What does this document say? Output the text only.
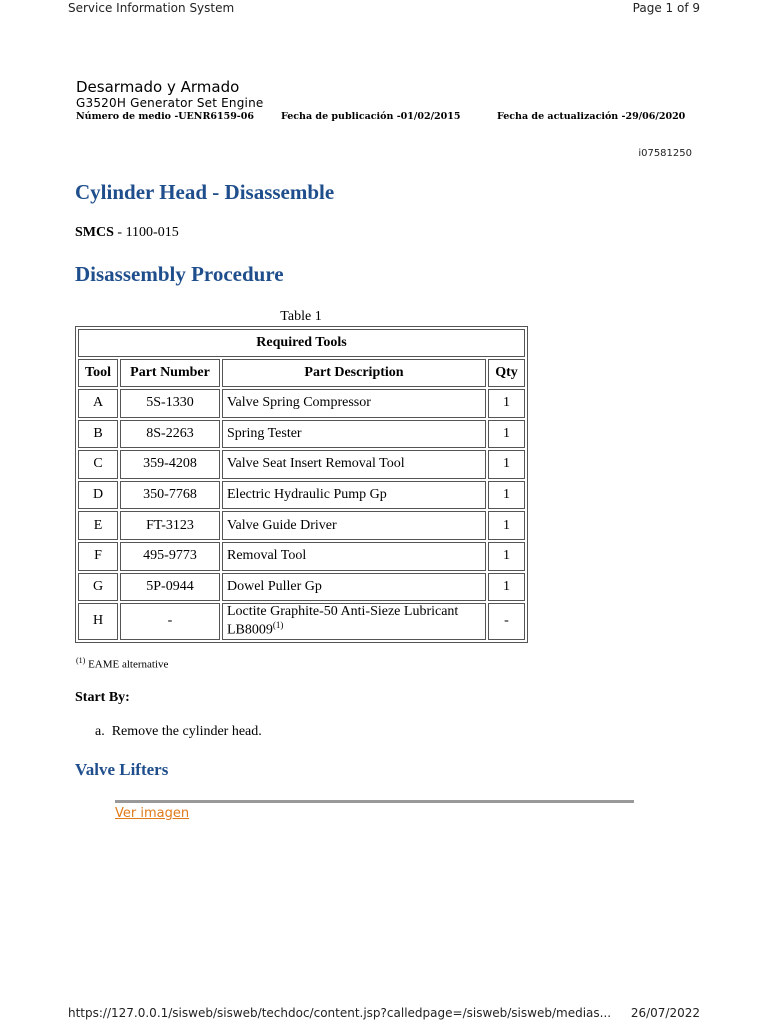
Service Information System	Page 1 of 9
Desarmado y Armado
G3520H Generator Set Engine
Número de medio -UENR6159-06	Fecha de publicación -01/02/2015	Fecha de actualización -29/06/2020
i07581250
Cylinder Head - Disassemble
SMCS - 1100-015
Disassembly Procedure
Table 1
Required Tools			
Tool	Part Number	Part Description	Qty
A	5S-1330	Valve Spring Compressor	1
B	8S-2263	Spring Tester	1
C	359-4208	Valve Seat Insert Removal Tool	1
D	350-7768	Electric Hydraulic Pump Gp	1
E	FT-3123	Valve Guide Driver	1
F	495-9773	Removal Tool	1
G	5P-0944	Dowel Puller Gp	1
H	-	Loctite Graphite-50 Anti-Sieze Lubricant LB8009$^{(1)}$	-
$^{(1)}$ EAME alternative
Start By:
a. Remove the cylinder head.
Valve Lifters
Ver imagen
https://127.0.0.1/sisweb/sisweb/techdoc/content.jsp?calledpage=/sisweb/sisweb/medias... 26/07/2022
